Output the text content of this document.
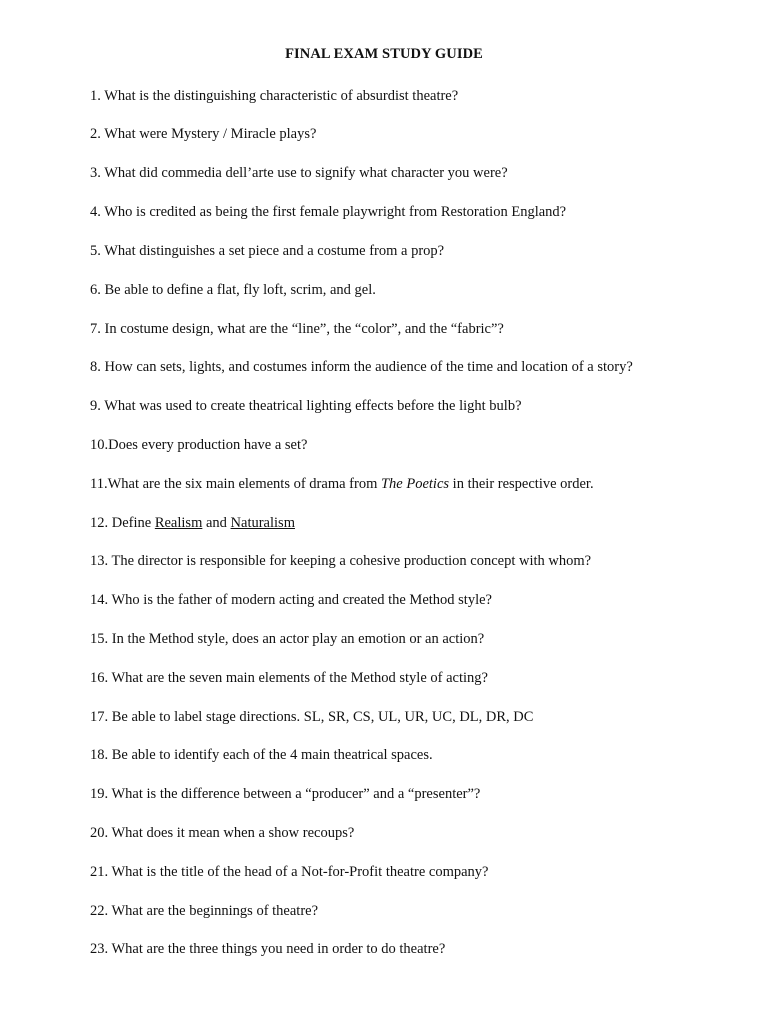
FINAL EXAM STUDY GUIDE
1. What is the distinguishing characteristic of absurdist theatre?
2. What were Mystery / Miracle plays?
3. What did commedia dell’arte use to signify what character you were?
4. Who is credited as being the first female playwright from Restoration England?
5. What distinguishes a set piece and a costume from a prop?
6. Be able to define a flat, fly loft, scrim, and gel.
7. In costume design, what are the “line”, the “color”, and the “fabric”?
8. How can sets, lights, and costumes inform the audience of the time and location of a story?
9. What was used to create theatrical lighting effects before the light bulb?
10.Does every production have a set?
11.What are the six main elements of drama from The Poetics in their respective order.
12. Define Realism and Naturalism
13. The director is responsible for keeping a cohesive production concept with whom?
14. Who is the father of modern acting and created the Method style?
15. In the Method style, does an actor play an emotion or an action?
16. What are the seven main elements of the Method style of acting?
17. Be able to label stage directions. SL, SR, CS, UL, UR, UC, DL, DR, DC
18. Be able to identify each of the 4 main theatrical spaces.
19. What is the difference between a “producer” and a “presenter”?
20. What does it mean when a show recoups?
21. What is the title of the head of a Not-for-Profit theatre company?
22. What are the beginnings of theatre?
23. What are the three things you need in order to do theatre?
